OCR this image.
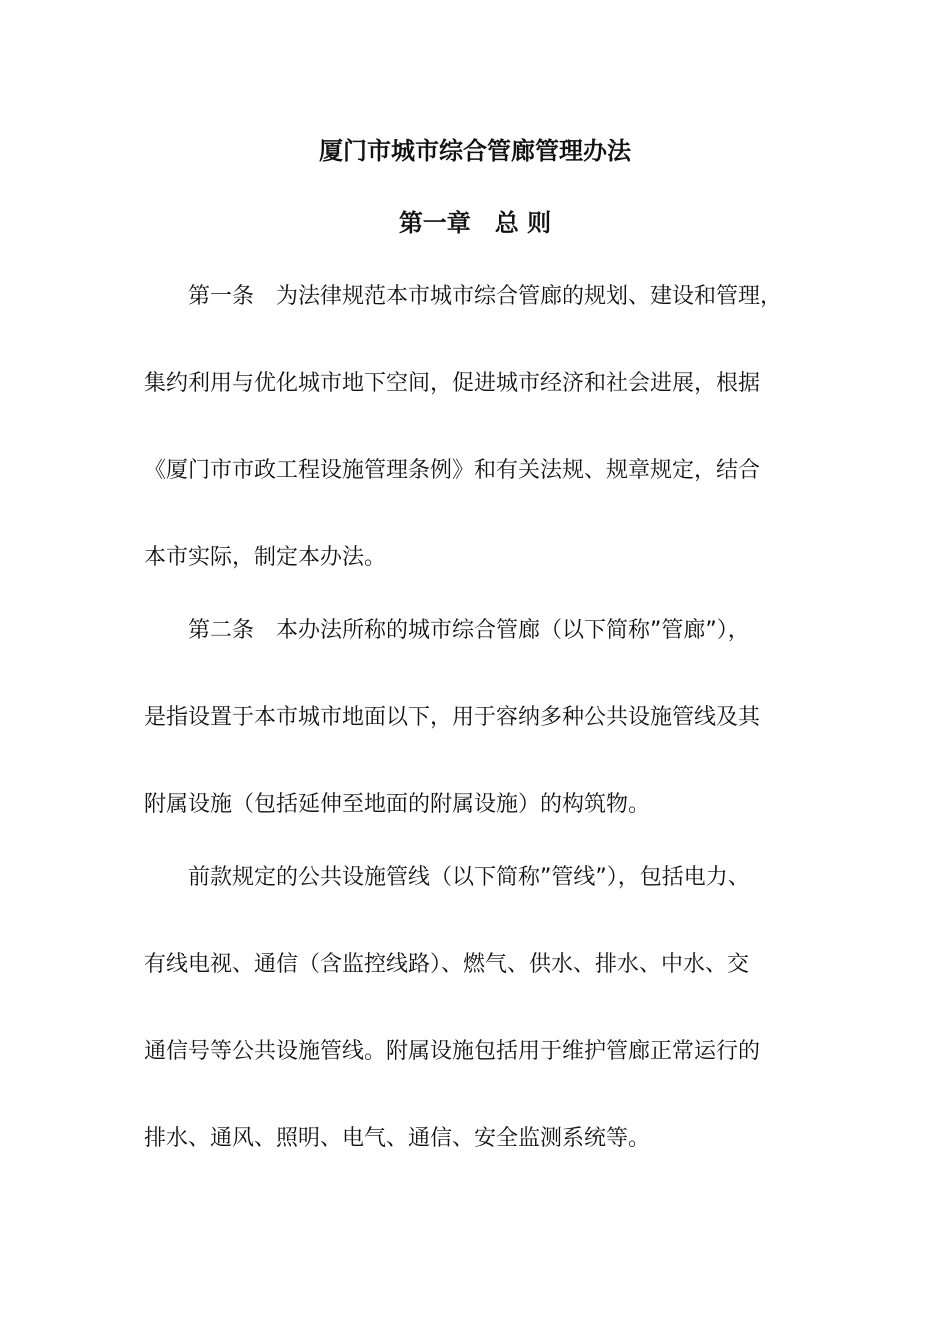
厦门市城市综合管廊管理办法
第一章　总 则
第一条　为法律规范本市城市综合管廊的规划、建设和管理，
集约利用与优化城市地下空间，促进城市经济和社会进展，根据
《厦门市市政工程设施管理条例》和有关法规、规章规定，结合
本市实际，制定本办法。
第二条　本办法所称的城市综合管廊（以下简称”管廊”），
是指设置于本市城市地面以下，用于容纳多种公共设施管线及其
附属设施（包括延伸至地面的附属设施）的构筑物。
前款规定的公共设施管线（以下简称”管线”），包括电力、
有线电视、通信（含监控线路）、燃气、供水、排水、中水、交
通信号等公共设施管线。附属设施包括用于维护管廊正常运行的
排水、通风、照明、电气、通信、安全监测系统等。
